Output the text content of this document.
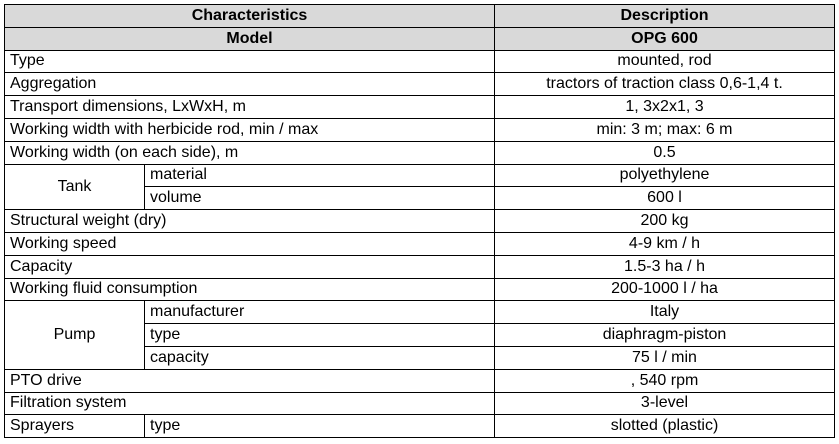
Characteristics		Description
Model		OPG 600
Type		mounted, rod
Aggregation		tractors of traction class 0,6-1,4 t.
Transport dimensions, LxWxH, m		1, 3x2x1, 3
Working width with herbicide rod, min / max		min: 3 m; max: 6 m
Working width (on each side), m		0.5
Tank	material	polyethylene
	volume	600 l
Structural weight (dry)		200 kg
Working speed		4-9 km / h
Capacity		1.5-3 ha / h
Working fluid consumption		200-1000 l / ha
Pump	manufacturer	Italy
	type	diaphragm-piston
	capacity	75 l / min
PTO drive		, 540 rpm
Filtration system		3-level
Sprayers	type	slotted (plastic)
